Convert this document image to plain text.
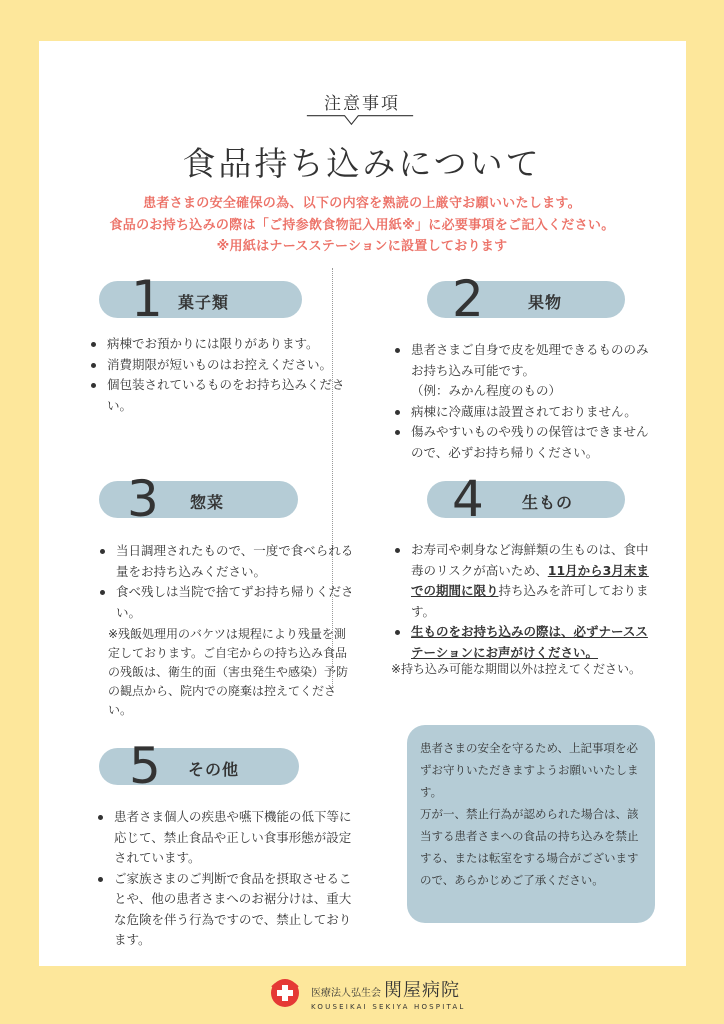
注意事項
食品持ち込みについて
患者さまの安全確保の為、以下の内容を熟読の上厳守お願いいたします。
食品のお持ち込みの際は「ご持参飲食物記入用紙※」に必要事項をご記入ください。
※用紙はナースステーションに設置しております
1 菓子類
病棟でお預かりには限りがあります。
消費期限が短いものはお控えください。
個包装されているものをお持ち込みくださ い。
2	果物
患者さまご自身で皮を処理できるもののみお持ち込み可能です。
（例：みかん程度のもの）
病棟に冷蔵庫は設置されておりません。
傷みやすいものや残りの保管はできませんので、必ずお持ち帰りください。
3 惣菜
当日調理されたもので、一度で食べられる量をお持ち込みください。
食べ残しは当院で捨てずお持ち帰りください。
※残飯処理用のバケツは規程により残量を測定しております。ご自宅からの持ち込み食品の残飯は、衛生的面（害虫発生や感染）予防の観点から、院内での廃棄は控えてください。
4 生もの
お寿司や刺身など海鮮類の生ものは、食中毒のリスクが高いため、11月から3月末までの期間に限り持ち込みを許可しております。
生ものをお持ち込みの際は、必ずナースステーションにお声がけください。
※持ち込み可能な期間以外は控えてください。
5 その他
患者さま個人の疾患や嚥下機能の低下等に応じて、禁止食品や正しい食事形態が設定されています。
ご家族さまのご判断で食品を摂取させることや、他の患者さまへのお裾分けは、重大な危険を伴う行為ですので、禁止しております。
患者さまの安全を守るため、上記事項を必ずお守りいただきますようお願いいたします。
万が一、禁止行為が認められた場合は、該当する患者さまへの食品の持ち込みを禁止する、または転室をする場合がございますので、あらかじめご了承ください。
医療法人弘生会 関屋病院
KOUSEIKAI SEKIYA HOSPITAL
